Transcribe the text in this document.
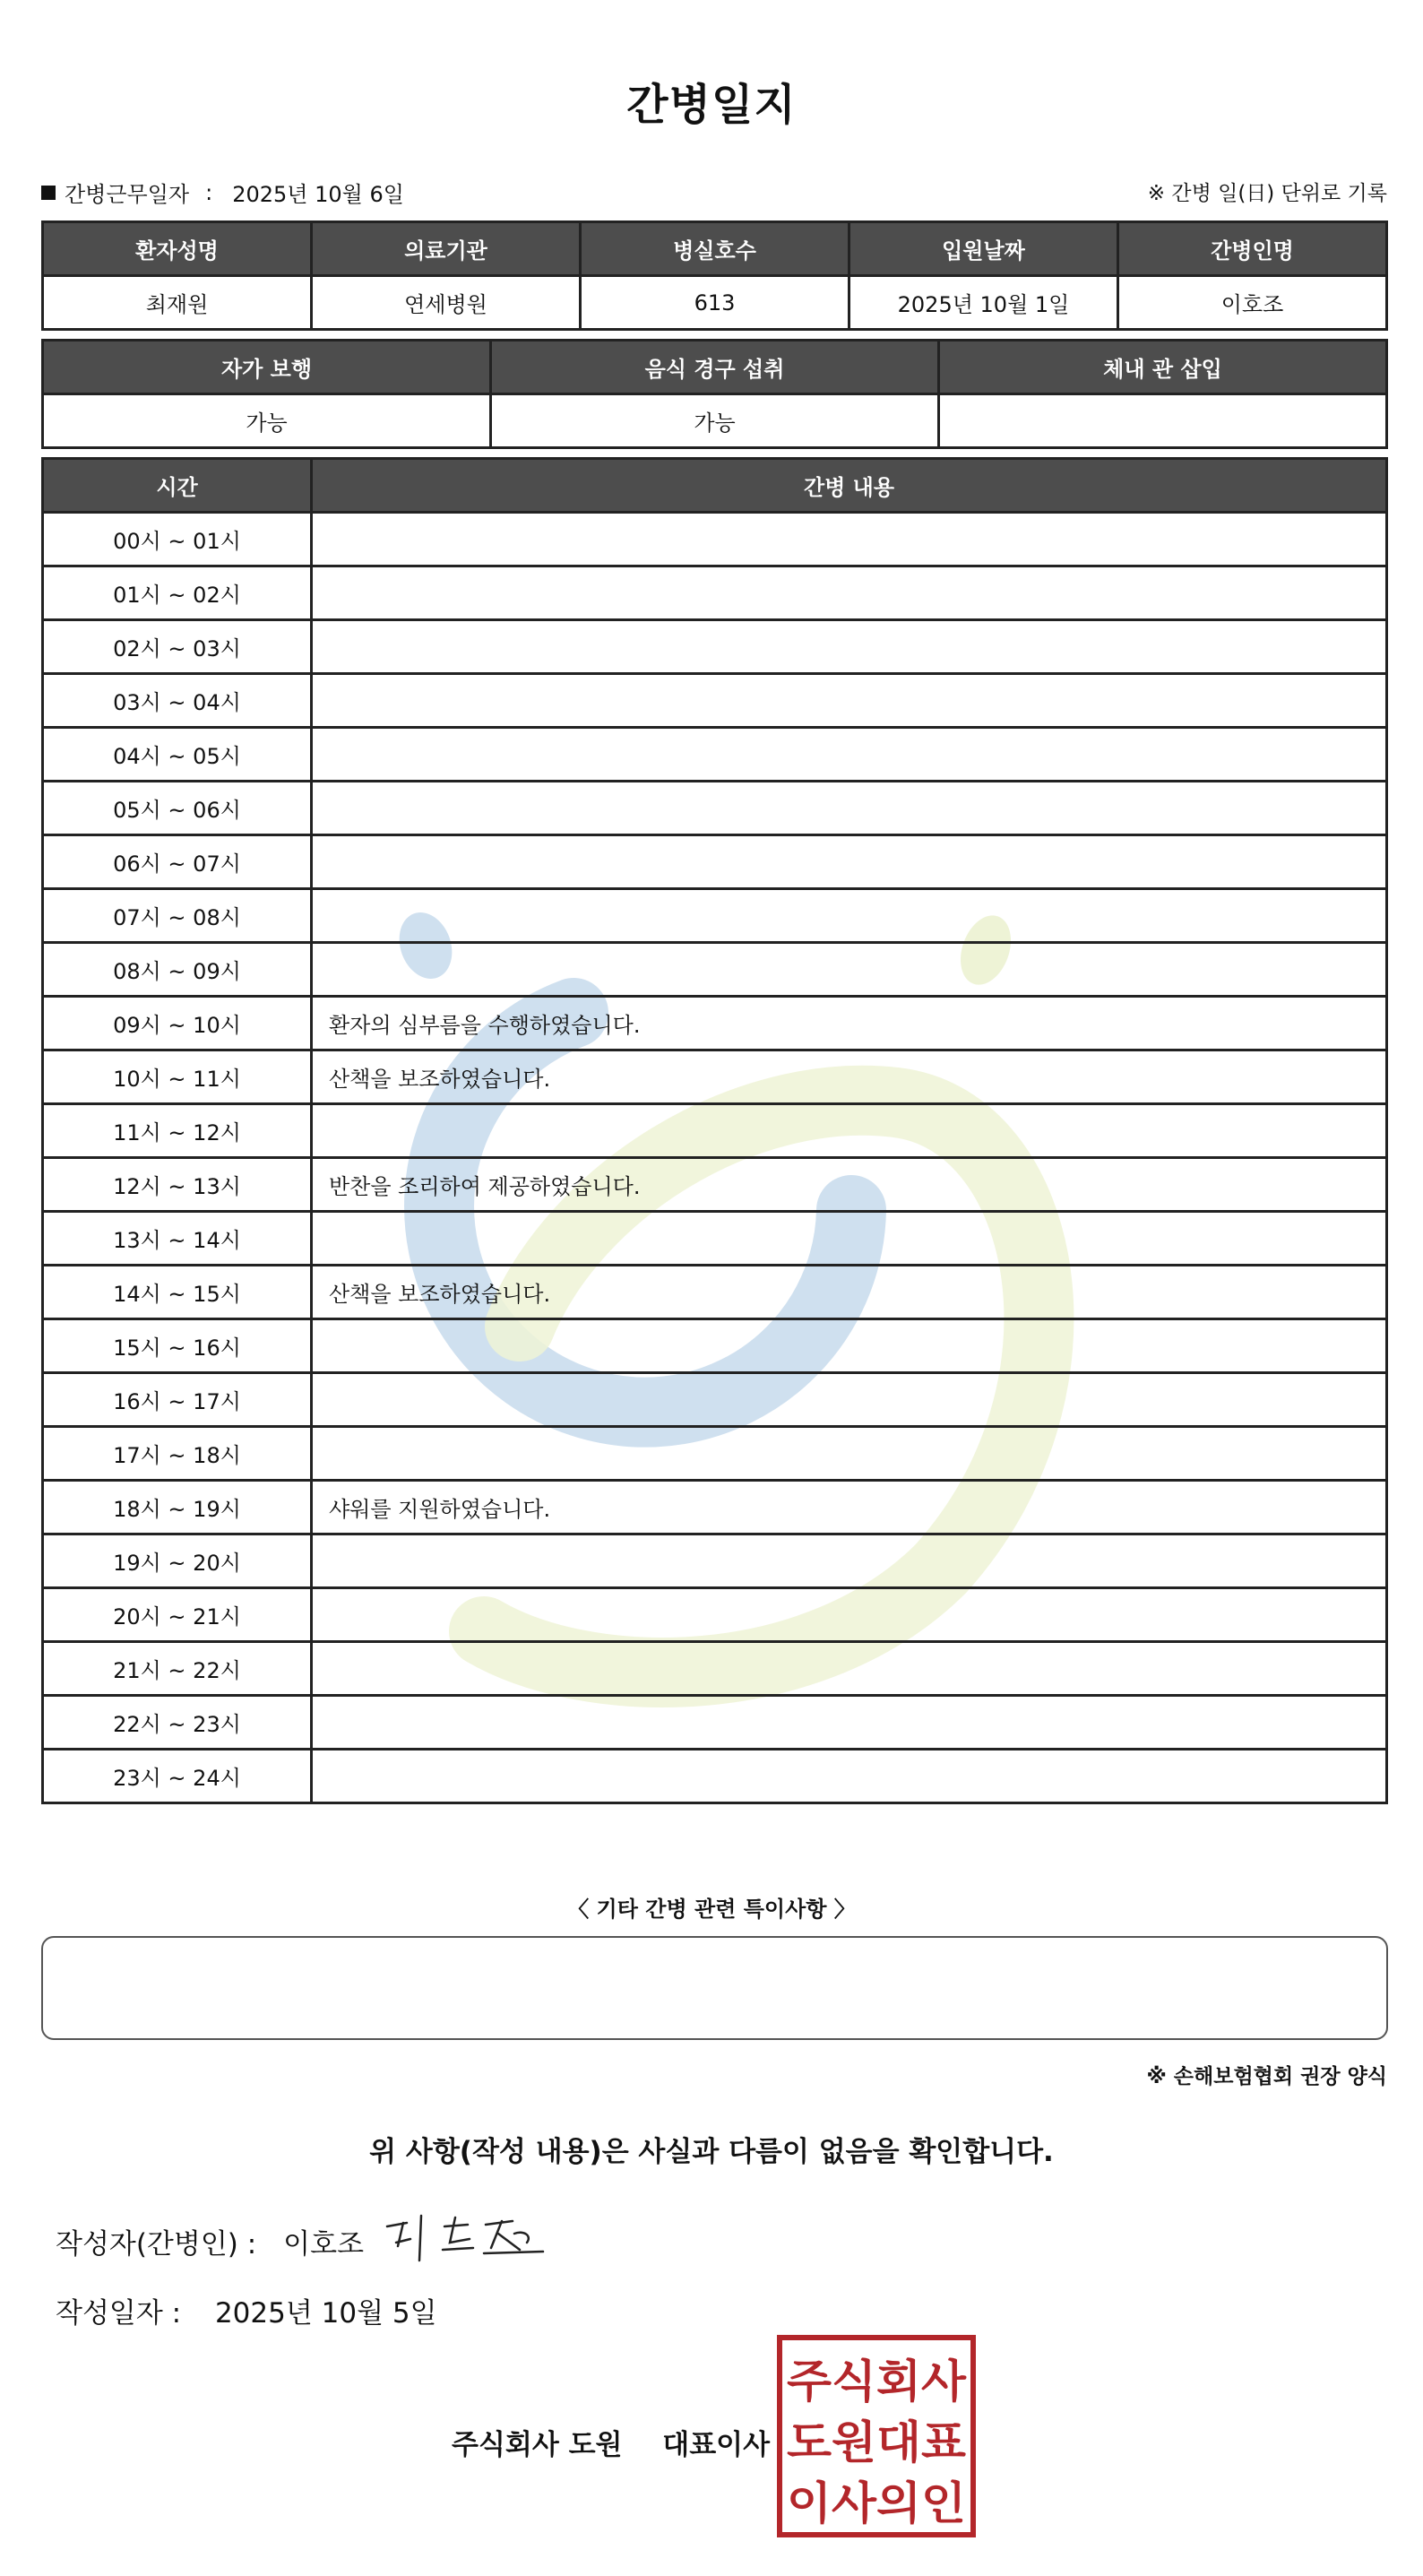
간병일지
간병근무일자 : 2025년 10월 6일	※ 간병 일(日) 단위로 기록
환자성명	의료기관	병실호수	입원날짜	간병인명
최재원	연세병원	613	2025년 10월 1일	이호조
자가 보행	음식 경구 섭취	체내 관 삽입
가능	가능	
시간	간병 내용
00시 ~ 01시	
01시 ~ 02시	
02시 ~ 03시	
03시 ~ 04시	
04시 ~ 05시	
05시 ~ 06시	
06시 ~ 07시	
07시 ~ 08시	
08시 ~ 09시	
09시 ~ 10시	환자의 심부름을 수행하였습니다.
10시 ~ 11시	산책을 보조하였습니다.
11시 ~ 12시	
12시 ~ 13시	반찬을 조리하여 제공하였습니다.
13시 ~ 14시	
14시 ~ 15시	산책을 보조하였습니다.
15시 ~ 16시	
16시 ~ 17시	
17시 ~ 18시	
18시 ~ 19시	샤워를 지원하였습니다.
19시 ~ 20시	
20시 ~ 21시	
21시 ~ 22시	
22시 ~ 23시	
23시 ~ 24시	
〈 기타 간병 관련 특이사항 〉
※ 손해보험협회 권장 양식
위 사항(작성 내용)은 사실과 다름이 없음을 확인합니다.
작성자(간병인) : 이호조
작성일자 : 2025년 10월 5일
주식회사 도원 대표이사
주식회사
도원대표
이사의인
